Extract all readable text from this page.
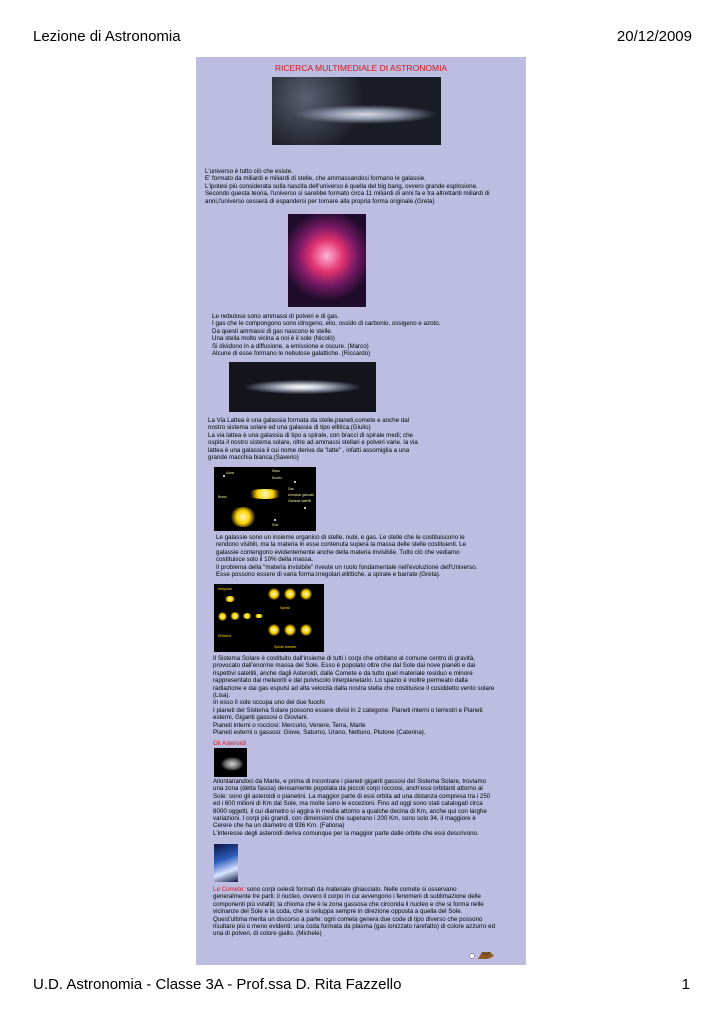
Lezione di Astronomia	20/12/2009
RICERCA MULTIMEDIALE DI ASTRONOMIA
L'universo è tutto ciò che esiste.
E' formato da miliardi e miliardi di stelle, che ammassandosi formano le galassie.
L'ipotesi più considerata sulla nascita dell'universo è quella del big bang, ovvero grande esplosione.
Secondo questa teoria, l'universo si sarebbe formato circa 11 miliardi di anni fa e tra altrettanti miliardi di
anni,l'universo cesserà di espandersi per tornare alla propria forma originale.(Greta)
Le nebulose sono ammassi di polveri e di gas.
I gas che le compongono sono idrogeno, elio, ossido di carbonio, ossigeno e azoto.
Da questi ammassi di gas nascono le stelle.
Una stella molto vicina a noi è il sole (Nicolò)
Si dividono in a diffusione, a emissione e oscure. (Marco)
Alcune di esse formano le nebulose galattiche. (Riccardo)
La Via Lattea è una galassia formata da stelle,pianeti,comete e anche dal
nostro sistema solare ed una galassia di tipo ellitica.(Giulio)
La via lattea è una galassia di tipo a spirale, con bracci di spirale medi; che
ospita il nostro sistema solare, oltre ad ammassi stellari e polveri varie. la via
lattea è una galassia il cui nome deriva da "latte" , infatti assomiglia a una
grande macchia bianca.(Saverio)
Alone	Disco
Nucleo
Bracci
Gas
Ammassi globulari
Galassie satelliti
Sole
Le galassie sono un insieme organico di stelle, nubi, e gas. Le stelle che le costituiscono le
rendono visibili, ma la materia in esse contenuta supera la massa delle stelle costituenti. Le
galassie contengono evidentemente anche della materia invisibile. Tutto ciò che vediamo
costituisce solo il 10% della massa.
Il problema della "materia invisibile" riveste un ruolo fondamentale nell'evoluzione dell'Universo.
Esse possono essere di varia forma:irregolari,ellittiche, a spirale e barrate (Greta).
Irregolari
Spirali
Ellittiche
Spirali barrate
Il Sistema Solare è costituito dall'insieme di tutti i corpi che orbitano al comune centro di gravità,
provocato dall'enorme massa del Sole. Esso è popolato oltre che dal Sole dai nove pianeti e dai
rispettivi satelliti, anche dagli Asteroidi, dalle Comete e da tutto quel materiale residuo e minore
rappresentato dai meteoriti e dal pulviscolo interplanetario. Lo spazio è inoltre permeato dalla
radiazione e dai gas espulsi ad alta velocità dalla nostra stella che costituisce il cosiddetto vento solare
(Lisa).
In esso Il sole occupa uno dei due fuochi
I pianeti del Sistema Solare possono essere divisi in 2 categorie: Pianeti interni o terrestri e Pianeti
esterni, Giganti gassosi o Gioviani.
Pianeti interni o rocciosi: Mercurio, Venere, Terra, Marte
Pianeti esterni o gassosi: Giove, Saturno, Urano, Nettuno, Plutone (Caterina).
Gli Asteroidi
Allontanandoci da Marte, e prima di incontrare i pianeti giganti gassosi del Sistema Solare, troviamo
una zona (detta fascia) densamente popolata da piccoli corpi rocciosi, anch'essi orbitanti attorno al
Sole: sono gli asteroidi o pianetini. La maggior parte di essi orbita ad una distanza compresa tra i 250
ed i 600 milioni di Km dal Sole, ma molte sono le eccezioni. Fino ad oggi sono stati catalogati circa
8000 oggetti, il cui diametro si aggira in media attorno a qualche decina di Km, anche qui con larghe
variazioni. I corpi più grandi, con dimensioni che superano i 200 Km, sono solo 34, il maggiore è
Cerere che ha un diametro di 936 Km. (Fationa)
L'interesse degli asteroidi deriva comunque per la maggior parte dalle orbite che essi descrivono.
Le Comete: sono corpi celesti formati da materiale ghiacciato. Nelle comete si osservano
generalmente tre parti: il nucleo, ovvero il corpo in cui avvengono i fenomeni di sublimazione delle
componenti più volatili; la chioma che è la zona gassosa che circonda il nucleo e che si forma nelle
vicinanze del Sole e la coda, che si sviluppa sempre in direzione opposta a quella del Sole.
Quest'ultima merita un discorso a parte: ogni cometa genera due code di tipo diverso che possono
risultare più o meno evidenti: una coda formata da plasma (gas ionizzato rarefatto) di colore azzurro ed
una di polveri, di colore giallo. (Michele)
U.D. Astronomia - Classe 3A - Prof.ssa D. Rita Fazzello	1
